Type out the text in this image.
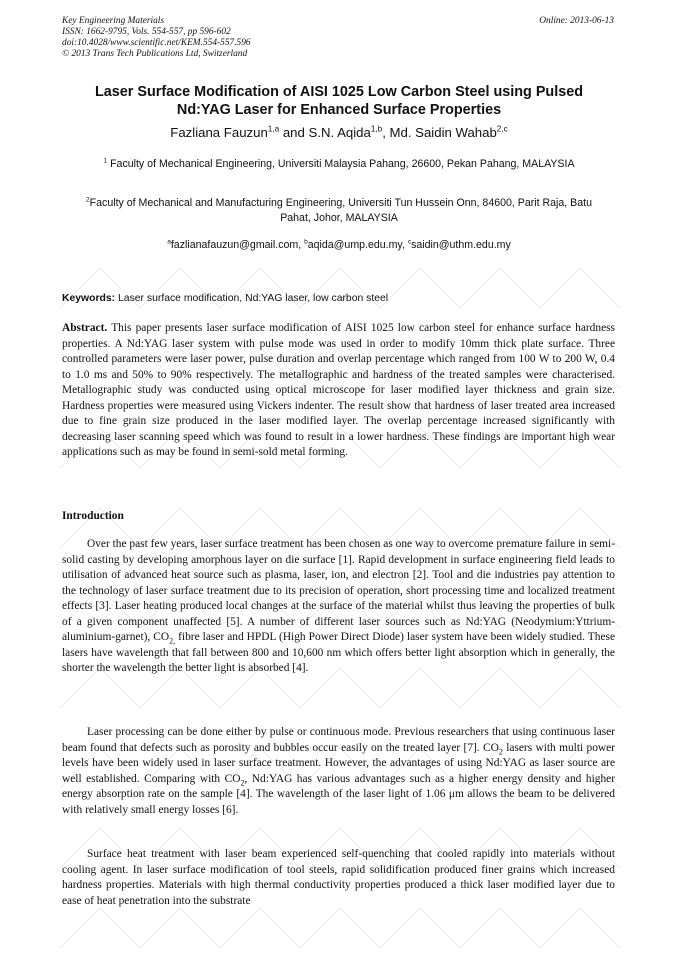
Key Engineering Materials
ISSN: 1662-9795, Vols. 554-557, pp 596-602
doi:10.4028/www.scientific.net/KEM.554-557.596
© 2013 Trans Tech Publications Ltd, Switzerland
Online: 2013-06-13
Laser Surface Modification of AISI 1025 Low Carbon Steel using Pulsed
Nd:YAG Laser for Enhanced Surface Properties
Fazliana Fauzun$^{1,a}$ and S.N. Aqida$^{1,b}$, Md. Saidin Wahab$^{2,c}$
$^1$ Faculty of Mechanical Engineering, Universiti Malaysia Pahang, 26600, Pekan Pahang, MALAYSIA
$^2$Faculty of Mechanical and Manufacturing Engineering, Universiti Tun Hussein Onn, 84600, Parit Raja, Batu Pahat, Johor, MALAYSIA
$^a$fazlianafauzun@gmail.com, $^b$aqida@ump.edu.my, $^c$saidin@uthm.edu.my
Keywords: Laser surface modification, Nd:YAG laser, low carbon steel
Abstract. This paper presents laser surface modification of AISI 1025 low carbon steel for enhance surface hardness properties. A Nd:YAG laser system with pulse mode was used in order to modify 10mm thick plate surface. Three controlled parameters were laser power, pulse duration and overlap percentage which ranged from 100 W to 200 W, 0.4 to 1.0 ms and 50% to 90% respectively. The metallographic and hardness of the treated samples were characterised. Metallographic study was conducted using optical microscope for laser modified layer thickness and grain size. Hardness properties were measured using Vickers indenter. The result show that hardness of laser treated area increased due to fine grain size produced in the laser modified layer. The overlap percentage increased significantly with decreasing laser scanning speed which was found to result in a lower hardness. These findings are important high wear applications such as may be found in semi-sold metal forming.
Introduction
Over the past few years, laser surface treatment has been chosen as one way to overcome premature failure in semi-solid casting by developing amorphous layer on die surface [1]. Rapid development in surface engineering field leads to utilisation of advanced heat source such as plasma, laser, ion, and electron [2]. Tool and die industries pay attention to the technology of laser surface treatment due to its precision of operation, short processing time and localized treatment effects [3]. Laser heating produced local changes at the surface of the material whilst thus leaving the properties of bulk of a given component unaffected [5]. A number of different laser sources such as Nd:YAG (Neodymium:Yttrium-aluminium-garnet), $CO_{2,}$ fibre laser and HPDL (High Power Direct Diode) laser system have been widely studied. These lasers have wavelength that fall between 800 and 10,600 nm which offers better light absorption which in generally, the shorter the wavelength the better light is absorbed [4].
Laser processing can be done either by pulse or continuous mode. Previous researchers that using continuous laser beam found that defects such as porosity and bubbles occur easily on the treated layer [7]. $CO_2$ lasers with multi power levels have been widely used in laser surface treatment. However, the advantages of using Nd:YAG as laser source are well established. Comparing with $CO_2$, Nd:YAG has various advantages such as a higher energy density and higher energy absorption rate on the sample [4]. The wavelength of the laser light of 1.06 μm allows the beam to be delivered with relatively small energy losses [6].
Surface heat treatment with laser beam experienced self-quenching that cooled rapidly into materials without cooling agent. In laser surface modification of tool steels, rapid solidification produced finer grains which increased hardness properties. Materials with high thermal conductivity properties produced a thick laser modified layer due to ease of heat penetration into the substrate
